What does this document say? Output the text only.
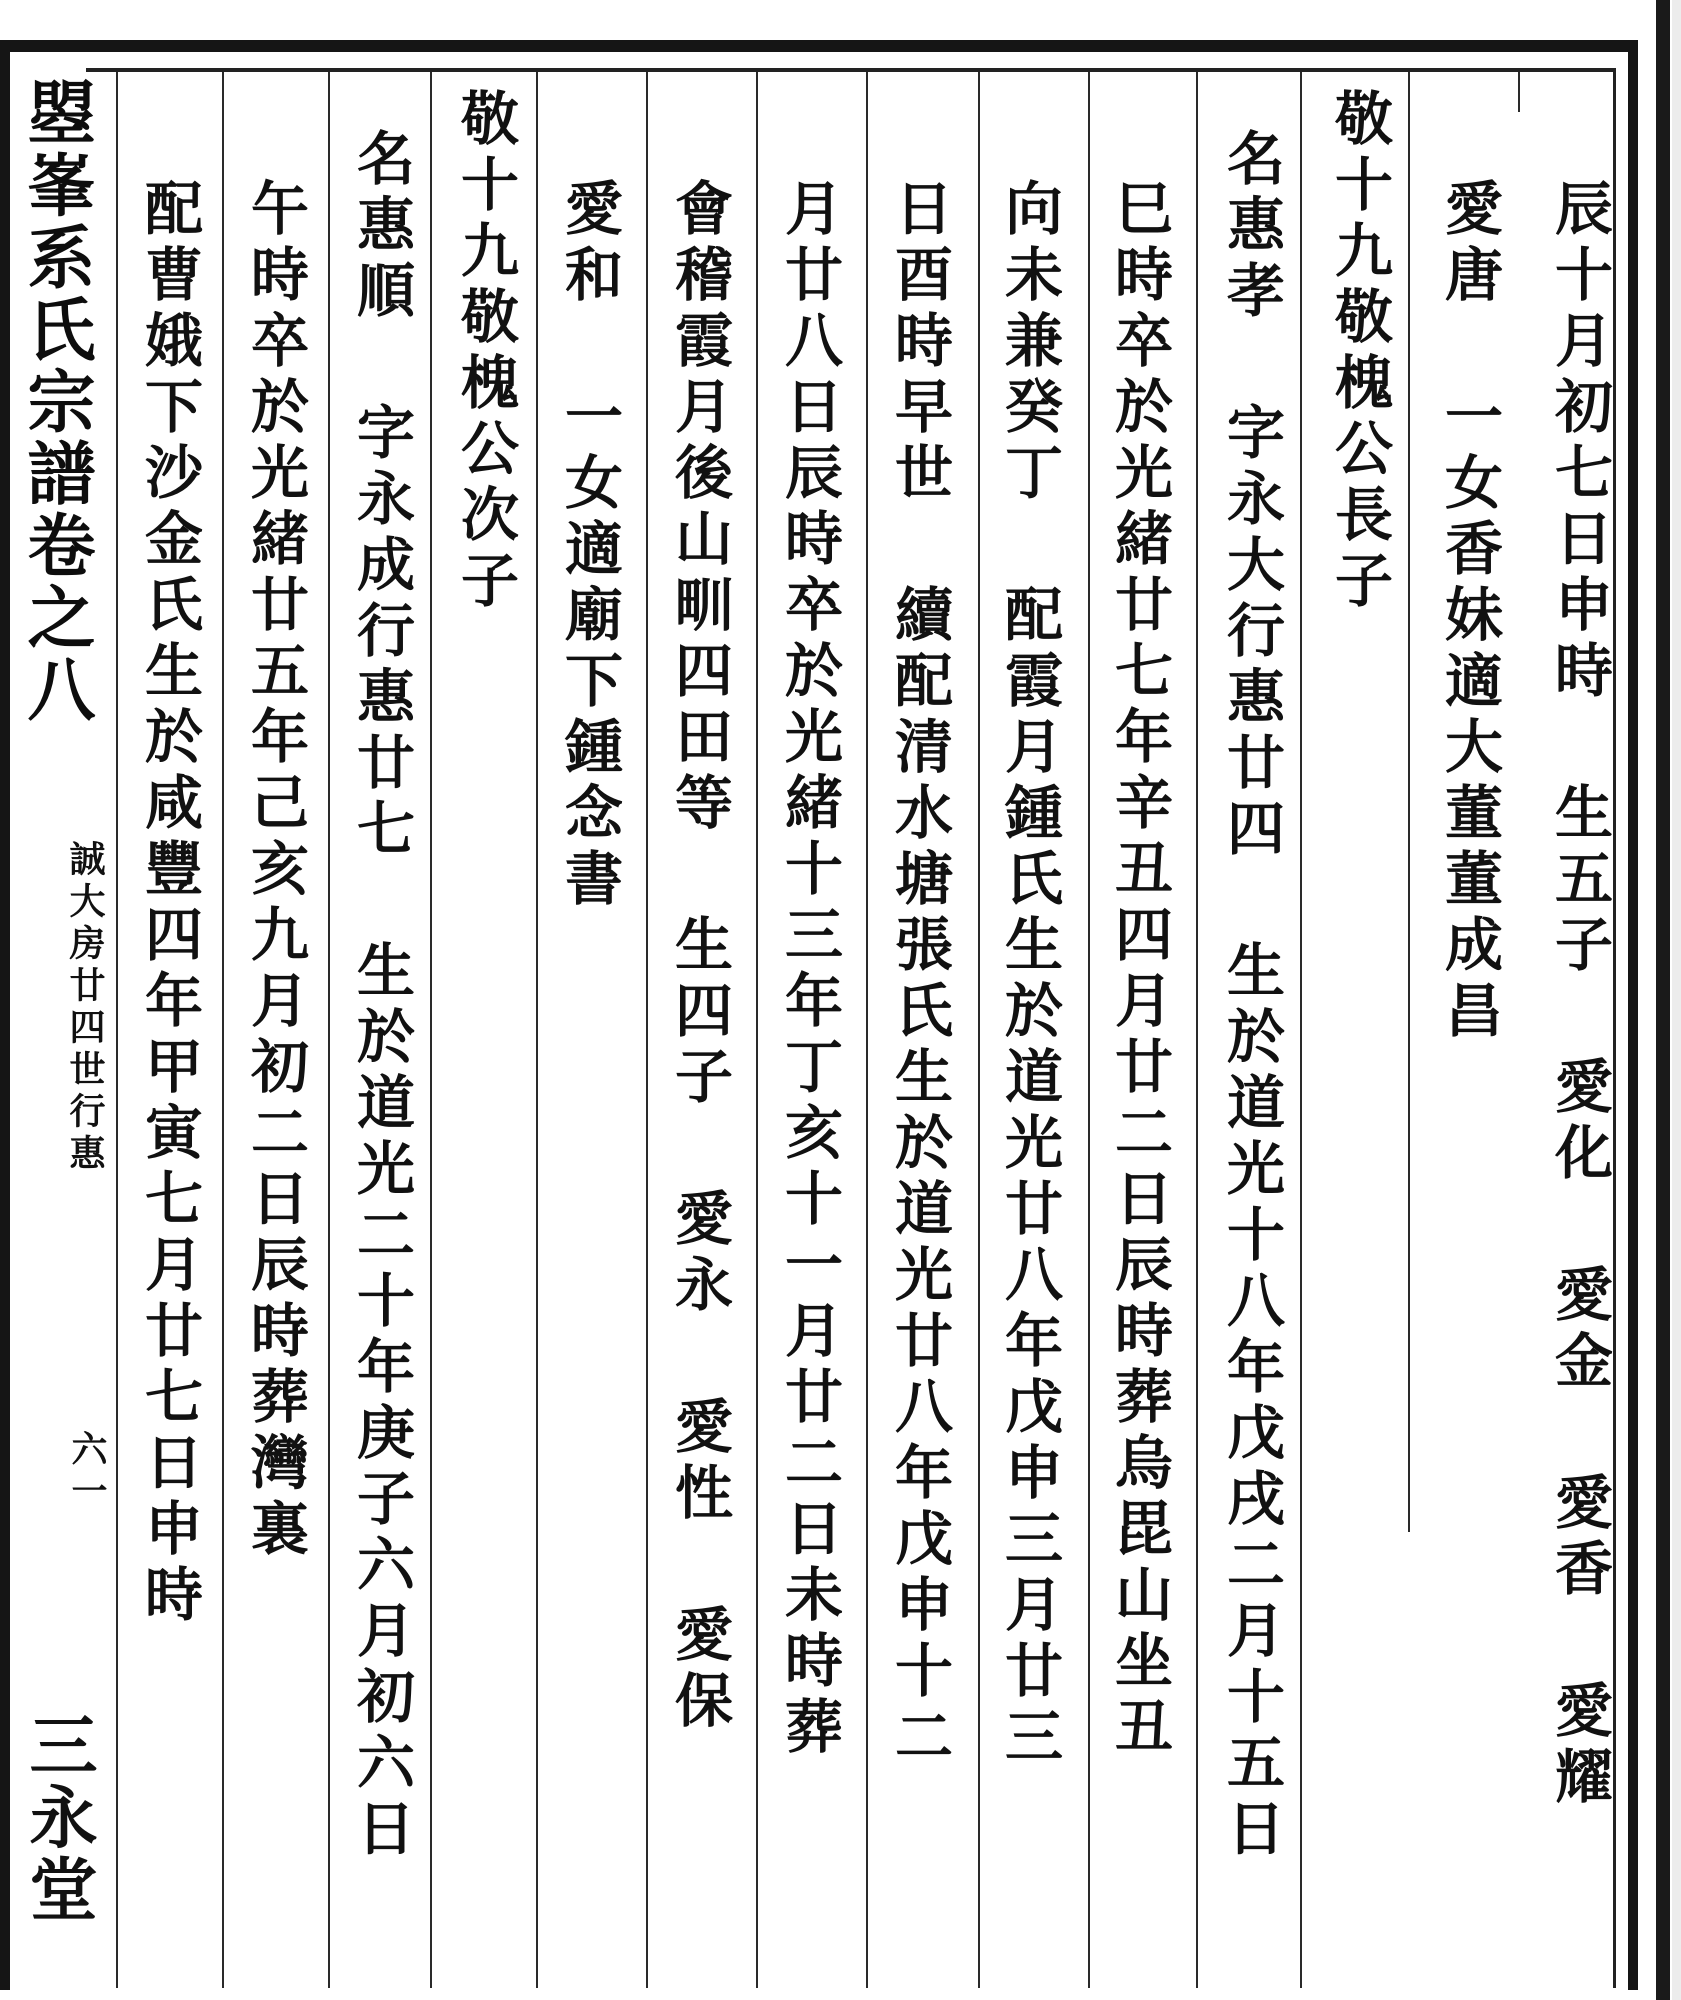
曌峯系氏宗譜卷之八
誠大房廿四世行惠
六一
三永堂
辰十月初七日申時 生五子 愛化 愛金 愛香 愛耀
愛唐 一女香妹適大董董成昌
敬十九敬槐公長子
名惠孝 字永大行惠廿四 生於道光十八年戊戌二月十五日
巳時卒於光緒廿七年辛丑四月廿二日辰時葬烏毘山坐丑
向未兼癸丁 配霞月鍾氏生於道光廿八年戊申三月廿三
日酉時早世 續配清水塘張氏生於道光廿八年戊申十二
月廿八日辰時卒於光緒十三年丁亥十一月廿二日未時葬
會稽霞月後山甽四田等 生四子 愛永 愛性 愛保
愛和 一女適廟下鍾念書
敬十九敬槐公次子
名惠順 字永成行惠廿七 生於道光二十年庚子六月初六日
午時卒於光緒廿五年己亥九月初二日辰時葬灣裏
配曹娥下沙金氏生於咸豐四年甲寅七月廿七日申時
